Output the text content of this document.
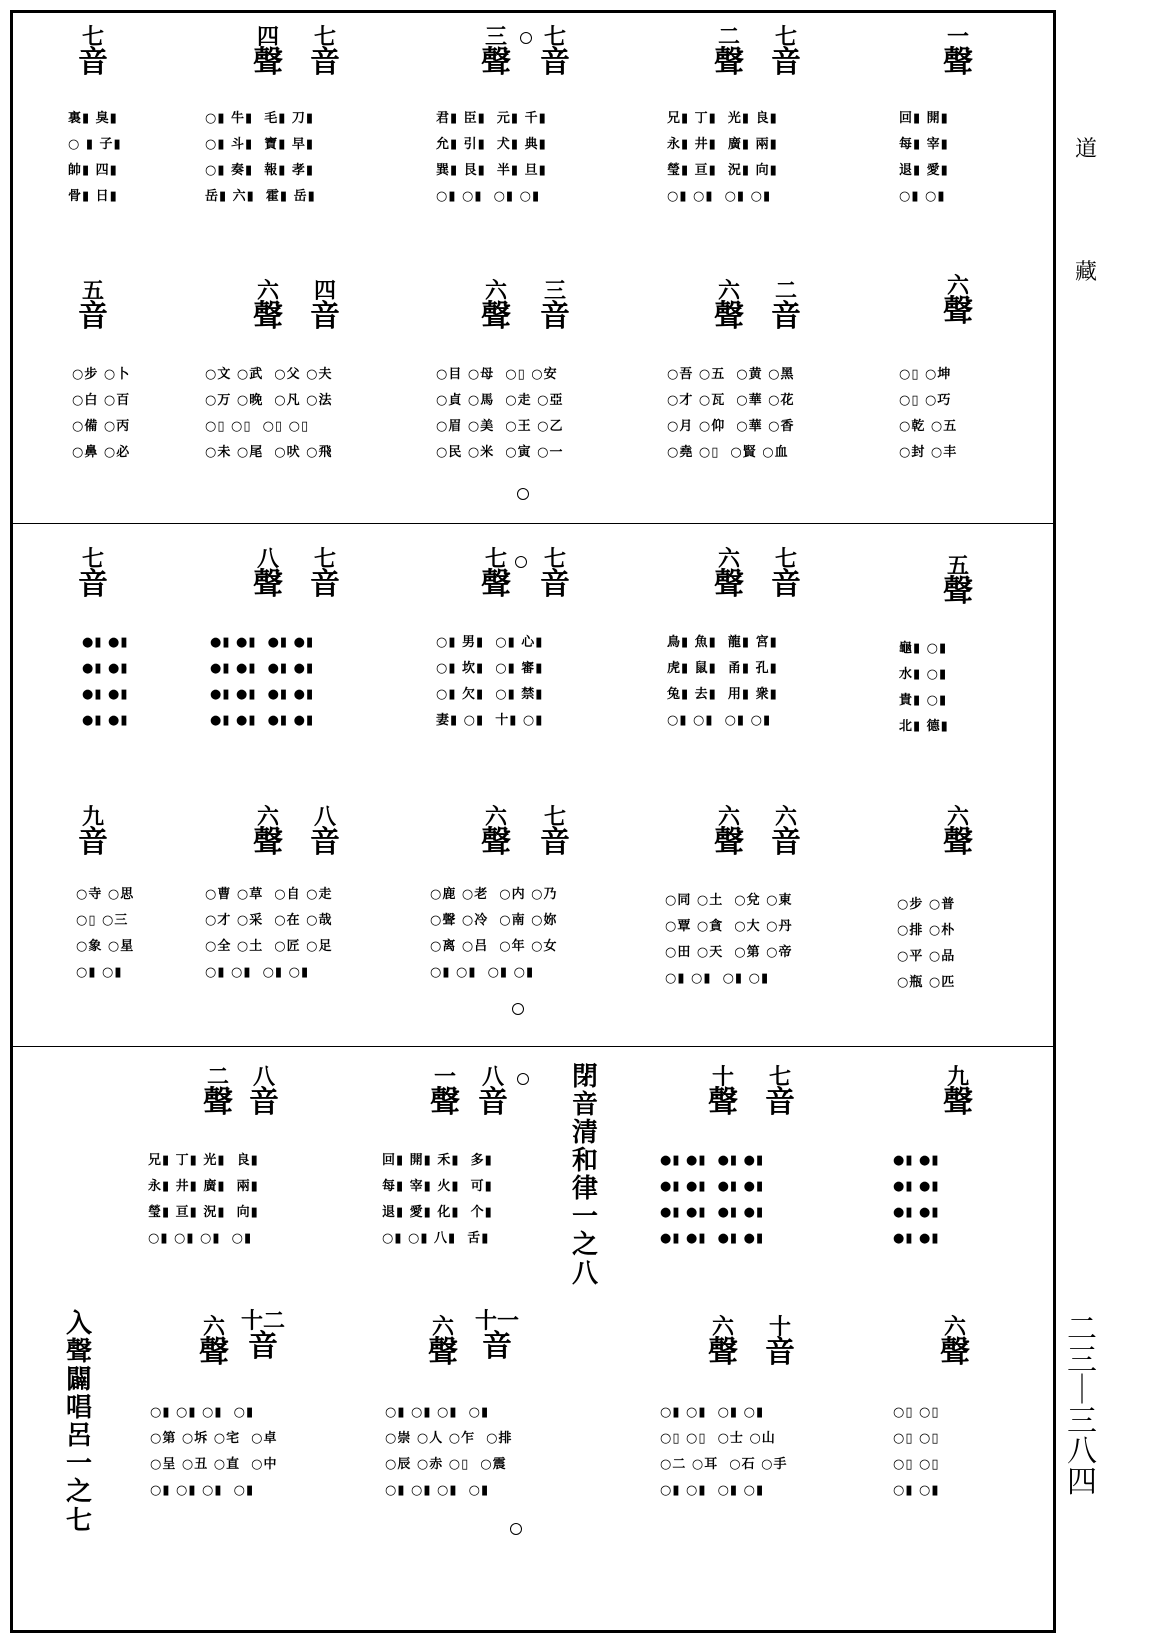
道
藏
二
三
｜
三
八
四
七
音
四
聲
七
音
三
聲
七
音
二
聲
七
音
一
聲
裏▮ 臭▮
○ ▮ 子▮
帥▮ 四▮
骨▮ 日▮
○▮ 牛▮  毛▮ 刀▮
○▮ 斗▮  寶▮ 早▮
○▮ 奏▮  報▮ 孝▮
岳▮ 六▮  霍▮ 岳▮
君▮ 臣▮  元▮ 千▮
允▮ 引▮  犬▮ 典▮
巽▮ 艮▮  半▮ 旦▮
○▮ ○▮  ○▮ ○▮
兄▮ 丁▮  光▮ 良▮
永▮ 井▮  廣▮ 兩▮
瑩▮ 亘▮  況▮ 向▮
○▮ ○▮  ○▮ ○▮
回▮ 開▮
每▮ 宰▮
退▮ 愛▮
○▮ ○▮
五
音
六
聲
四
音
六
聲
三
音
六
聲
二
音
六
聲
○步 ○卜
○白 ○百
○備 ○丙
○鼻 ○必
○文 ○武  ○父 ○夫
○万 ○晚  ○凡 ○法
○▯ ○▯  ○▯ ○▯
○未 ○尾  ○吠 ○飛
○目 ○母  ○▯ ○安
○貞 ○馬  ○走 ○亞
○眉 ○美  ○王 ○乙
○民 ○米  ○寅 ○一
○吾 ○五  ○黄 ○黑
○才 ○瓦  ○華 ○花
○月 ○仰  ○華 ○香
○堯 ○▯  ○賢 ○血
○▯ ○坤
○▯ ○巧
○乾 ○五
○封 ○丰
七
音
八
聲
七
音
七
聲
七
音
六
聲
七
音
五
聲
●▮ ●▮
●▮ ●▮
●▮ ●▮
●▮ ●▮
●▮ ●▮  ●▮ ●▮
●▮ ●▮  ●▮ ●▮
●▮ ●▮  ●▮ ●▮
●▮ ●▮  ●▮ ●▮
○▮ 男▮  ○▮ 心▮
○▮ 坎▮  ○▮ 審▮
○▮ 欠▮  ○▮ 禁▮
妻▮ ○▮  十▮ ○▮
鳥▮ 魚▮  龍▮ 宮▮
虎▮ 鼠▮  甬▮ 孔▮
兔▮ 去▮  用▮ 衆▮
○▮ ○▮  ○▮ ○▮
龜▮ ○▮
水▮ ○▮
貴▮ ○▮
北▮ 德▮
九
音
六
聲
八
音
六
聲
七
音
六
聲
六
音
六
聲
○寺 ○思
○▯ ○三
○象 ○星
○▮ ○▮
○曹 ○草  ○自 ○走
○才 ○采  ○在 ○哉
○全 ○土  ○匠 ○足
○▮ ○▮  ○▮ ○▮
○鹿 ○老  ○内 ○乃
○聲 ○冷  ○南 ○妳
○离 ○吕  ○年 ○女
○▮ ○▮  ○▮ ○▮
○同 ○土  ○兌 ○東
○覃 ○貪  ○大 ○丹
○田 ○天  ○第 ○帝
○▮ ○▮  ○▮ ○▮
○步 ○普
○排 ○朴
○平 ○品
○瓶 ○匹
二
聲
八
音
一
聲
八
音
閉
音
清
和
律
一
之
八
十
聲
七
音
九
聲
兄▮ 丁▮ 光▮  良▮
永▮ 井▮ 廣▮  兩▮
瑩▮ 亘▮ 況▮  向▮
○▮ ○▮ ○▮  ○▮
回▮ 開▮ 禾▮  多▮
每▮ 宰▮ 火▮  可▮
退▮ 愛▮ 化▮  个▮
○▮ ○▮ 八▮  舌▮
●▮ ●▮  ●▮ ●▮
●▮ ●▮  ●▮ ●▮
●▮ ●▮  ●▮ ●▮
●▮ ●▮  ●▮ ●▮
●▮ ●▮
●▮ ●▮
●▮ ●▮
●▮ ●▮
入
聲
闢
唱
呂
一
之
七
六
聲
十二
音
六
聲
十一
音
六
聲
十
音
六
聲
○▮ ○▮ ○▮  ○▮
○第 ○坼 ○宅  ○卓
○呈 ○丑 ○直  ○中
○▮ ○▮ ○▮  ○▮
○▮ ○▮ ○▮  ○▮
○崇 ○人 ○乍  ○排
○辰 ○赤 ○▯  ○震
○▮ ○▮ ○▮  ○▮
○▮ ○▮  ○▮ ○▮
○▯ ○▯  ○士 ○山
○二 ○耳  ○石 ○手
○▮ ○▮  ○▮ ○▮
○▯ ○▯
○▯ ○▯
○▯ ○▯
○▮ ○▮
